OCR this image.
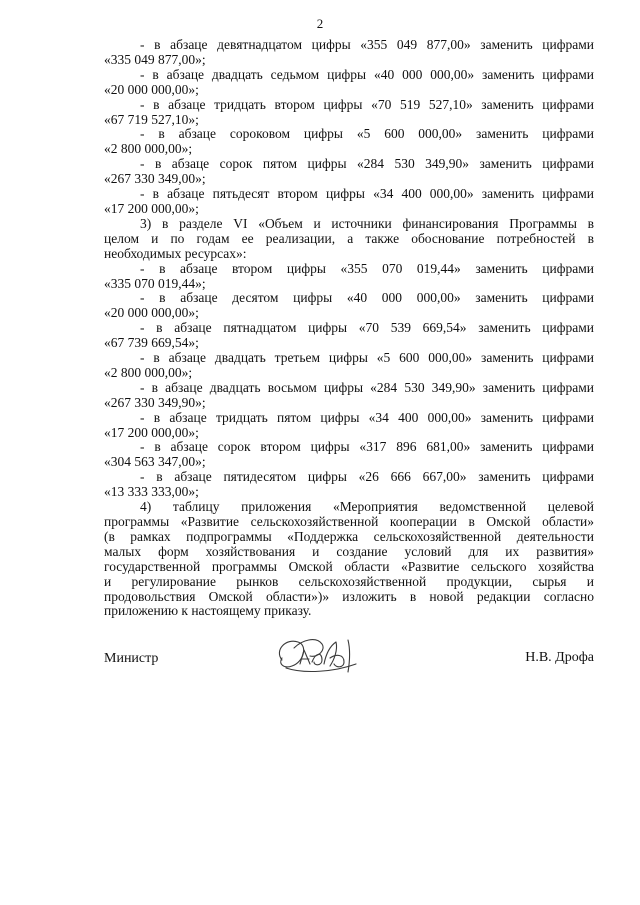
2

- в абзаце девятнадцатом цифры «355 049 877,00» заменить цифрами

«335 049 877,00»;

- в абзаце двадцать седьмом цифры «40 000 000,00» заменить цифрами

«20 000 000,00»;

- в абзаце тридцать втором цифры «70 519 527,10» заменить цифрами

«67 719 527,10»;

- в абзаце сороковом цифры «5 600 000,00» заменить цифрами

«2 800 000,00»;

- в абзаце сорок пятом цифры «284 530 349,90» заменить цифрами

«267 330 349,00»;

- в абзаце пятьдесят втором цифры «34 400 000,00» заменить цифрами

«17 200 000,00»;

3) в разделе VI «Объем и источники финансирования Программы в

целом и по годам ее реализации, а также обоснование потребностей в

необходимых ресурсах»:

- в абзаце втором цифры «355 070 019,44» заменить цифрами

«335 070 019,44»;

- в абзаце десятом цифры «40 000 000,00» заменить цифрами

«20 000 000,00»;

- в абзаце пятнадцатом цифры «70 539 669,54» заменить цифрами

«67 739 669,54»;

- в абзаце двадцать третьем цифры «5 600 000,00» заменить цифрами

«2 800 000,00»;

- в абзаце двадцать восьмом цифры «284 530 349,90» заменить цифрами

«267 330 349,90»;

- в абзаце тридцать пятом цифры «34 400 000,00» заменить цифрами

«17 200 000,00»;

- в абзаце сорок втором цифры «317 896 681,00» заменить цифрами

«304 563 347,00»;

- в абзаце пятидесятом цифры «26 666 667,00» заменить цифрами

«13 333 333,00»;

4) таблицу приложения «Мероприятия ведомственной целевой

программы «Развитие сельскохозяйственной кооперации в Омской области»

(в рамках подпрограммы «Поддержка сельскохозяйственной деятельности

малых форм хозяйствования и создание условий для их развития»

государственной программы Омской области «Развитие сельского хозяйства

и регулирование рынков сельскохозяйственной продукции, сырья и

продовольствия Омской области»)» изложить в новой редакции согласно

приложению к настоящему приказу.

Министр	Н.В. Дрофа
